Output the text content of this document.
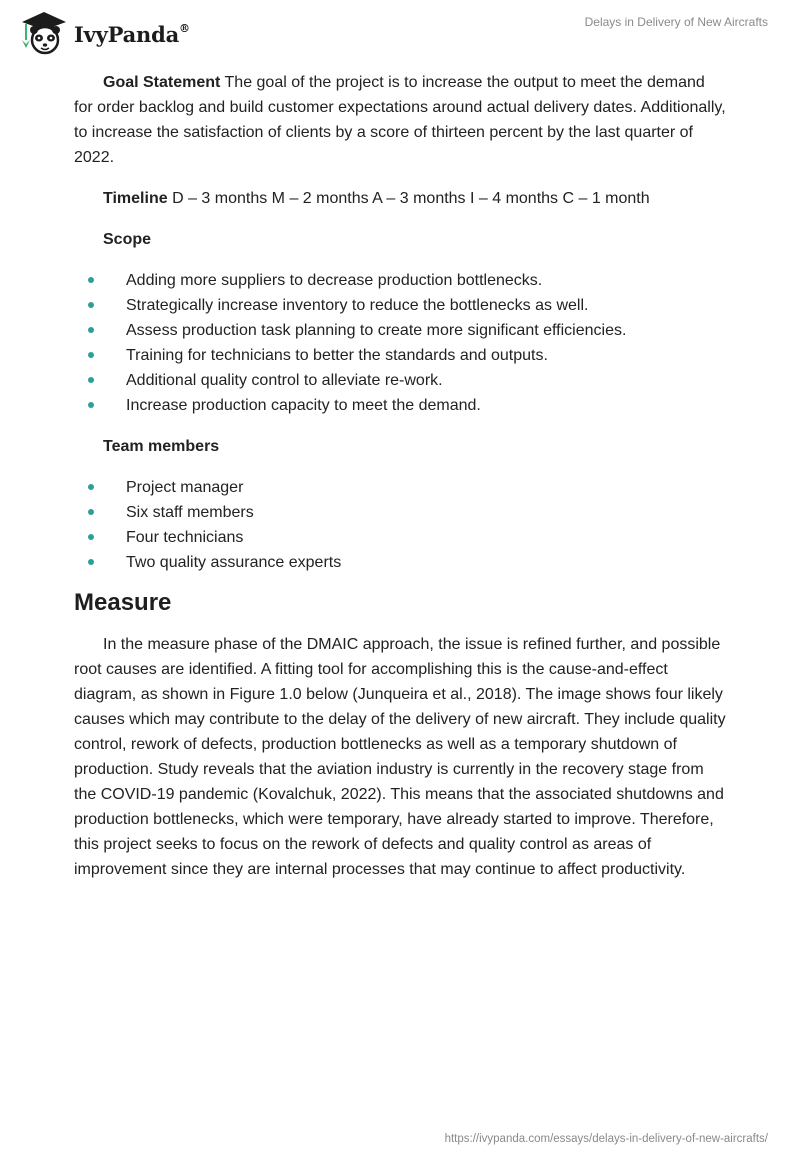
IvyPanda®	Delays in Delivery of New Aircrafts

Goal Statement The goal of the project is to increase the output to meet the demand for order backlog and build customer expectations around actual delivery dates. Additionally, to increase the satisfaction of clients by a score of thirteen percent by the last quarter of 2022.

Timeline D – 3 months M – 2 months A – 3 months I – 4 months C – 1 month

Scope

Adding more suppliers to decrease production bottlenecks.
Strategically increase inventory to reduce the bottlenecks as well.
Assess production task planning to create more significant efficiencies.
Training for technicians to better the standards and outputs.
Additional quality control to alleviate re-work.
Increase production capacity to meet the demand.

Team members

Project manager
Six staff members
Four technicians
Two quality assurance experts
Measure

In the measure phase of the DMAIC approach, the issue is refined further, and possible root causes are identified. A fitting tool for accomplishing this is the cause-and-effect diagram, as shown in Figure 1.0 below (Junqueira et al., 2018). The image shows four likely causes which may contribute to the delay of the delivery of new aircraft. They include quality control, rework of defects, production bottlenecks as well as a temporary shutdown of production. Study reveals that the aviation industry is currently in the recovery stage from the COVID-19 pandemic (Kovalchuk, 2022). This means that the associated shutdowns and production bottlenecks, which were temporary, have already started to improve. Therefore, this project seeks to focus on the rework of defects and quality control as areas of improvement since they are internal processes that may continue to affect productivity.

https://ivypanda.com/essays/delays-in-delivery-of-new-aircrafts/
